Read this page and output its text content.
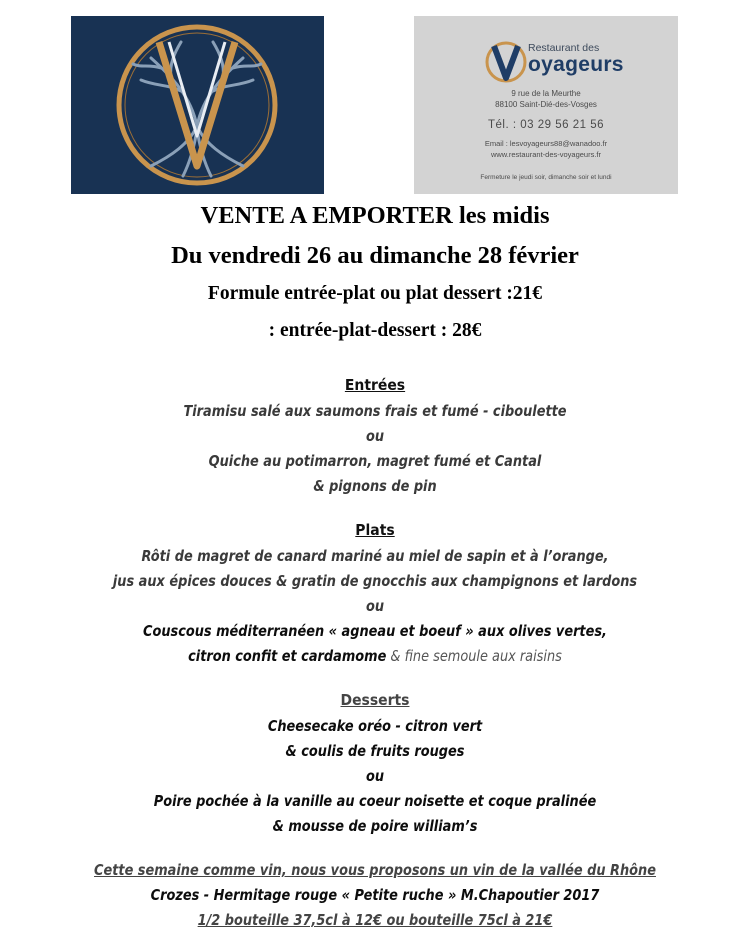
Restaurant des
oyageurs
9 rue de la Meurthe
88100 Saint-Dié-des-Vosges
Tél. : 03 29 56 21 56
Email : lesvoyageurs88@wanadoo.fr
www.restaurant-des-voyageurs.fr
Fermeture le jeudi soir, dimanche soir et lundi
VENTE A EMPORTER les midis
Du vendredi 26 au dimanche 28 février
Formule entrée-plat ou plat dessert :21€
: entrée-plat-dessert : 28€
Entrées
Tiramisu salé aux saumons frais et fumé - ciboulette
ou
Quiche au potimarron, magret fumé et Cantal
& pignons de pin
Plats
Rôti de magret de canard mariné au miel de sapin et à l’orange,
jus aux épices douces & gratin de gnocchis aux champignons et lardons
ou
Couscous méditerranéen « agneau et boeuf » aux olives vertes,
citron confit et cardamome & fine semoule aux raisins
Desserts
Cheesecake oréo - citron vert
& coulis de fruits rouges
ou
Poire pochée à la vanille au coeur noisette et coque pralinée
& mousse de poire william’s
Cette semaine comme vin, nous vous proposons un vin de la vallée du Rhône
Crozes - Hermitage rouge « Petite ruche » M.Chapoutier 2017
1/2 bouteille 37,5cl à 12€ ou bouteille 75cl à 21€
